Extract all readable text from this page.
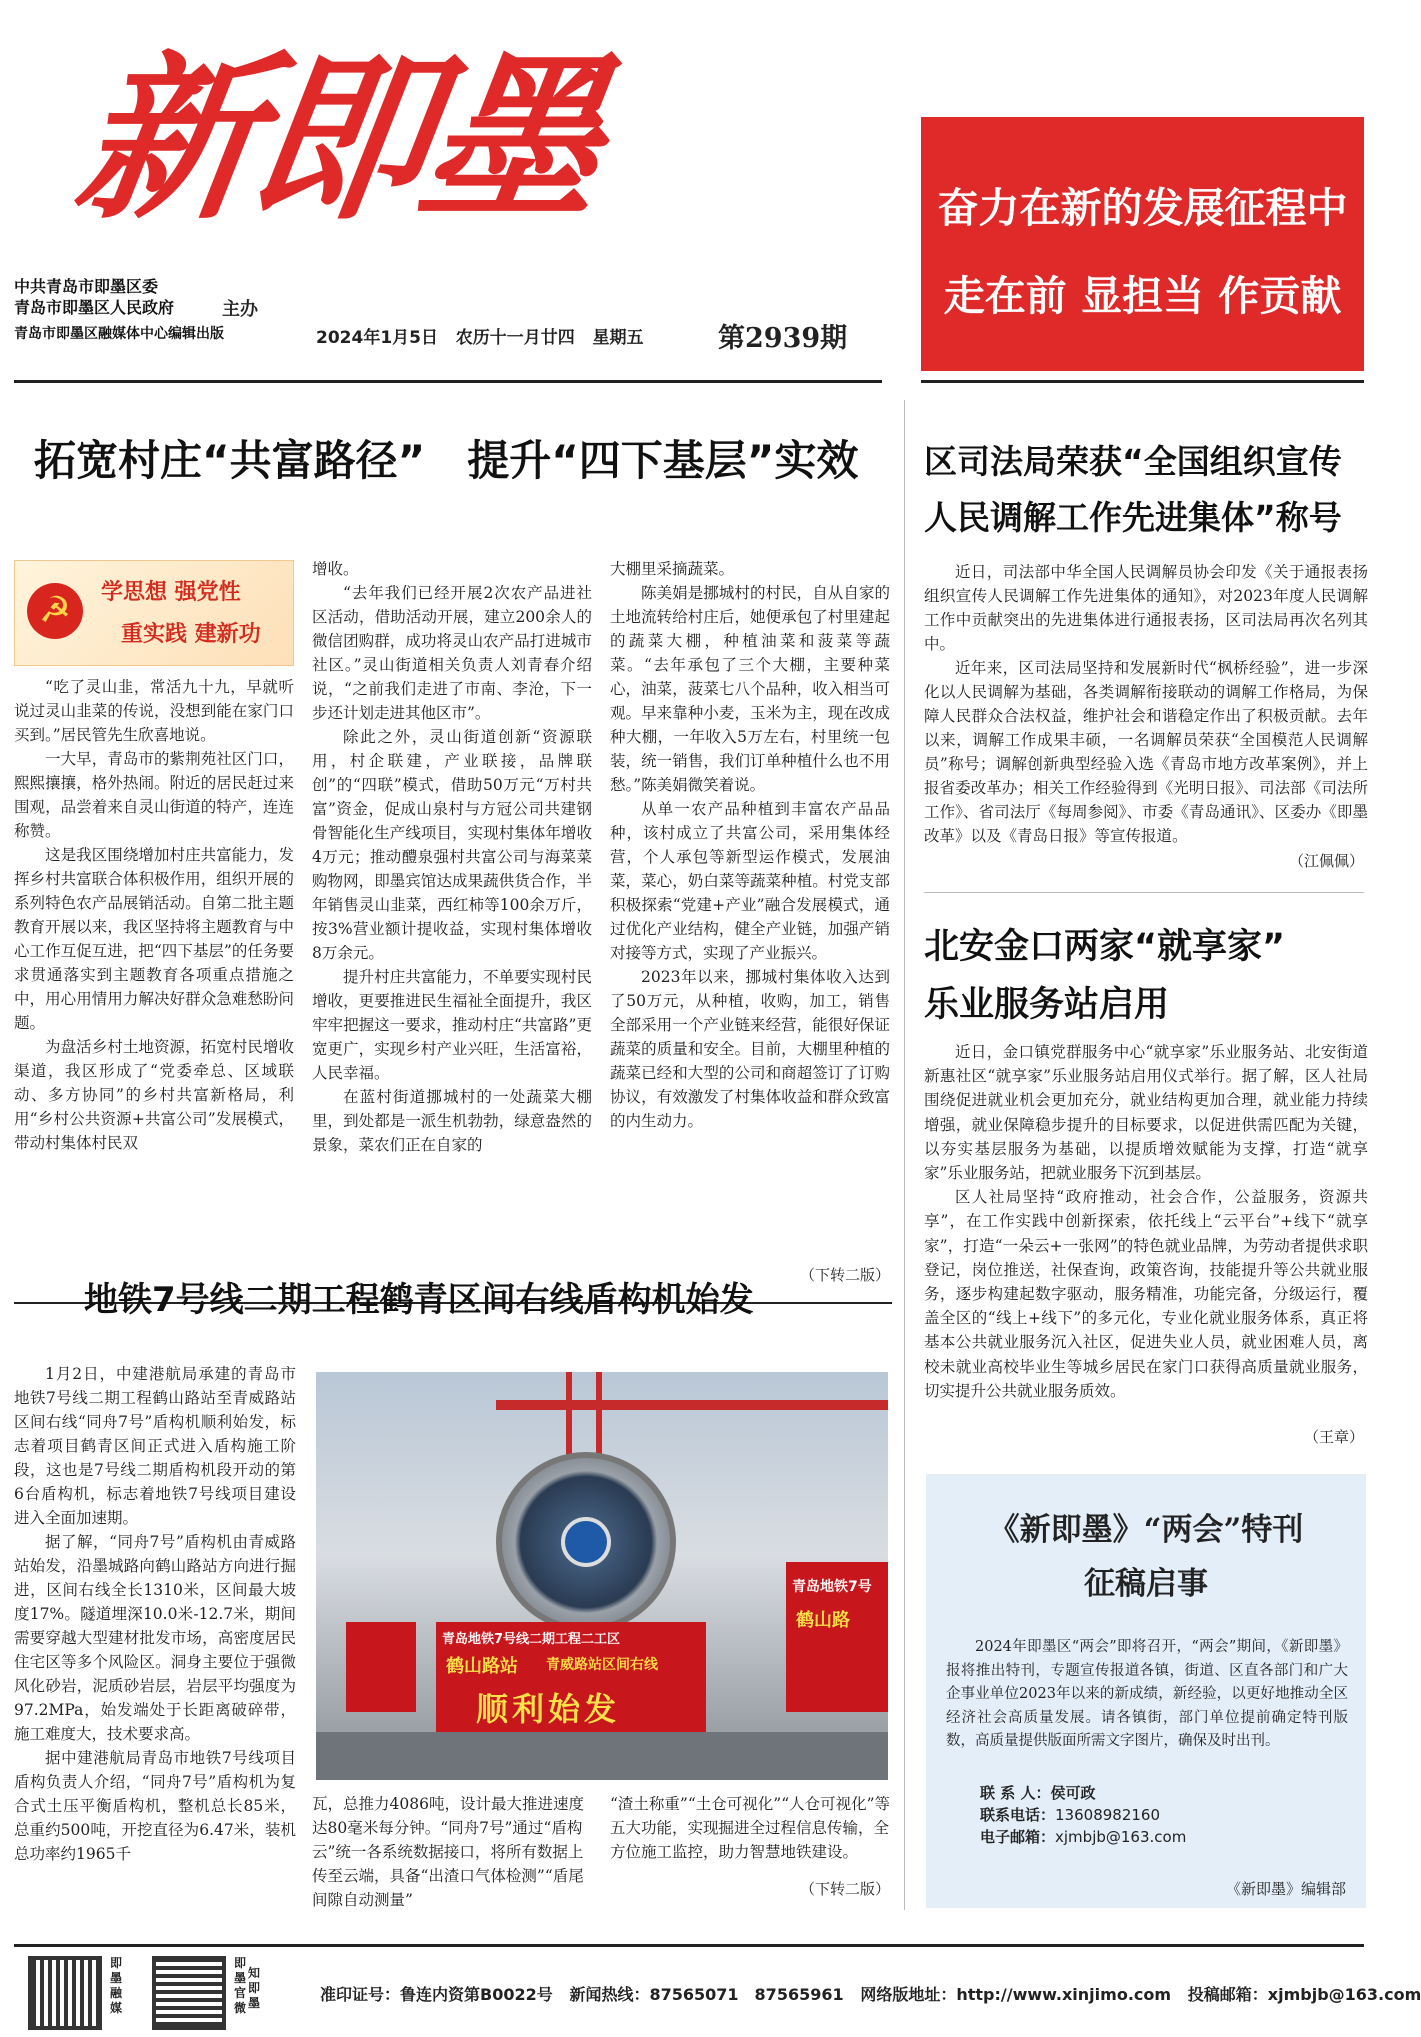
新即墨
中共青岛市即墨区委
青岛市即墨区人民政府
青岛市即墨区融媒体中心编辑出版
主办
2024年1月5日 农历十一月廿四 星期五	第2939期
奋力在新的发展征程中
走在前 显担当 作贡献
拓宽村庄“共富路径”　提升“四下基层”实效
☭	学思想 强党性
重实践 建新功

“吃了灵山韭，常活九十九，早就听说过灵山韭菜的传说，没想到能在家门口买到。”居民管先生欣喜地说。

一大早，青岛市的紫荆苑社区门口，熙熙攘攘，格外热闹。附近的居民赶过来围观，品尝着来自灵山街道的特产，连连称赞。

这是我区围绕增加村庄共富能力，发挥乡村共富联合体积极作用，组织开展的系列特色农产品展销活动。自第二批主题教育开展以来，我区坚持将主题教育与中心工作互促互进，把“四下基层”的任务要求贯通落实到主题教育各项重点措施之中，用心用情用力解决好群众急难愁盼问题。

为盘活乡村土地资源，拓宽村民增收渠道，我区形成了“党委牵总、区域联动、多方协同”的乡村共富新格局，利用“乡村公共资源+共富公司”发展模式，带动村集体村民双

增收。

“去年我们已经开展2次农产品进社区活动，借助活动开展，建立200余人的微信团购群，成功将灵山农产品打进城市社区。”灵山街道相关负责人刘青春介绍说，“之前我们走进了市南、李沧，下一步还计划走进其他区市”。

除此之外，灵山街道创新“资源联用，村企联建，产业联接，品牌联创”的“四联”模式，借助50万元“万村共富”资金，促成山泉村与方冠公司共建钢骨智能化生产线项目，实现村集体年增收4万元；推动醴泉强村共富公司与海菜菜购物网，即墨宾馆达成果蔬供货合作，半年销售灵山韭菜，西红柿等100余万斤，按3%营业额计提收益，实现村集体增收8万余元。

提升村庄共富能力，不单要实现村民增收，更要推进民生福祉全面提升，我区牢牢把握这一要求，推动村庄“共富路”更宽更广，实现乡村产业兴旺，生活富裕，人民幸福。

在蓝村街道挪城村的一处蔬菜大棚里，到处都是一派生机勃勃，绿意盎然的景象，菜农们正在自家的

大棚里采摘蔬菜。

陈美娟是挪城村的村民，自从自家的土地流转给村庄后，她便承包了村里建起的蔬菜大棚，种植油菜和菠菜等蔬菜。“去年承包了三个大棚，主要种菜心，油菜，菠菜七八个品种，收入相当可观。早来靠种小麦，玉米为主，现在改成种大棚，一年收入5万左右，村里统一包装，统一销售，我们订单种植什么也不用愁。”陈美娟微笑着说。

从单一农产品种植到丰富农产品品种，该村成立了共富公司，采用集体经营，个人承包等新型运作模式，发展油菜，菜心，奶白菜等蔬菜种植。村党支部积极探索“党建+产业”融合发展模式，通过优化产业结构，健全产业链，加强产销对接等方式，实现了产业振兴。

2023年以来，挪城村集体收入达到了50万元，从种植，收购，加工，销售全部采用一个产业链来经营，能很好保证蔬菜的质量和安全。目前，大棚里种植的蔬菜已经和大型的公司和商超签订了订购协议，有效激发了村集体收益和群众致富的内生动力。

（下转二版）
地铁7号线二期工程鹤青区间右线盾构机始发

1月2日，中建港航局承建的青岛市地铁7号线二期工程鹤山路站至青威路站区间右线“同舟7号”盾构机顺利始发，标志着项目鹤青区间正式进入盾构施工阶段，这也是7号线二期盾构机段开动的第6台盾构机，标志着地铁7号线项目建设进入全面加速期。

据了解，“同舟7号”盾构机由青威路站始发，沿墨城路向鹤山路站方向进行掘进，区间右线全长1310米，区间最大坡度17%。隧道埋深10.0米-12.7米，期间需要穿越大型建材批发市场，高密度居民住宅区等多个风险区。洞身主要位于强微风化砂岩，泥质砂岩层，岩层平均强度为97.2MPa，始发端处于长距离破碎带，施工难度大，技术要求高。

据中建港航局青岛市地铁7号线项目盾构负责人介绍，“同舟7号”盾构机为复合式土压平衡盾构机，整机总长85米，总重约500吨，开挖直径为6.47米，装机总功率约1965千

青岛地铁7号线二期工程二工区
鹤山路站 青威路站区间右线
顺利始发
青岛地铁7号
鹤山路
瓦，总推力4086吨，设计最大推进速度达80毫米每分钟。“同舟7号”通过“盾构云”统一各系统数据接口，将所有数据上传至云端，具备“出渣口气体检测”“盾尾间隙自动测量”
“渣土称重”“土仓可视化”“人仓可视化”等五大功能，实现掘进全过程信息传输，全方位施工监控，助力智慧地铁建设。
（下转二版）
区司法局荣获“全国组织宣传
人民调解工作先进集体”称号

近日，司法部中华全国人民调解员协会印发《关于通报表扬组织宣传人民调解工作先进集体的通知》，对2023年度人民调解工作中贡献突出的先进集体进行通报表扬，区司法局再次名列其中。

近年来，区司法局坚持和发展新时代“枫桥经验”，进一步深化以人民调解为基础，各类调解衔接联动的调解工作格局，为保障人民群众合法权益，维护社会和谐稳定作出了积极贡献。去年以来，调解工作成果丰硕，一名调解员荣获“全国模范人民调解员”称号；调解创新典型经验入选《青岛市地方改革案例》，并上报省委改革办；相关工作经验得到《光明日报》、司法部《司法所工作》、省司法厅《每周参阅》、市委《青岛通讯》、区委办《即墨改革》以及《青岛日报》等宣传报道。

（江佩佩）
北安金口两家“就享家”
乐业服务站启用

近日，金口镇党群服务中心“就享家”乐业服务站、北安街道新惠社区“就享家”乐业服务站启用仪式举行。据了解，区人社局围绕促进就业机会更加充分，就业结构更加合理，就业能力持续增强，就业保障稳步提升的目标要求，以促进供需匹配为关键，以夯实基层服务为基础，以提质增效赋能为支撑，打造“就享家”乐业服务站，把就业服务下沉到基层。

区人社局坚持“政府推动，社会合作，公益服务，资源共享”，在工作实践中创新探索，依托线上“云平台”+线下“就享家”，打造“一朵云+一张网”的特色就业品牌，为劳动者提供求职登记，岗位推送，社保查询，政策咨询，技能提升等公共就业服务，逐步构建起数字驱动，服务精准，功能完备，分级运行，覆盖全区的“线上+线下”的多元化，专业化就业服务体系，真正将基本公共就业服务沉入社区，促进失业人员，就业困难人员，离校未就业高校毕业生等城乡居民在家门口获得高质量就业服务，切实提升公共就业服务质效。

（王章）
《新即墨》“两会”特刊
征稿启事

2024年即墨区“两会”即将召开，“两会”期间，《新即墨》报将推出特刊，专题宣传报道各镇，街道、区直各部门和广大企事业单位2023年以来的新成绩，新经验，以更好地推动全区经济社会高质量发展。请各镇街，部门单位提前确定特刊版数，高质量提供版面所需文字图片，确保及时出刊。

联 系 人：侯可政
联系电话：13608982160
电子邮箱：xjmbjb@163.com
《新即墨》编辑部
即墨融媒
即墨官微
知即墨	准印证号：鲁连内资第B0022号 新闻热线：87565071　87565961 网络版地址：http://www.xinjimo.com 投稿邮箱：xjmbjb@163.com
